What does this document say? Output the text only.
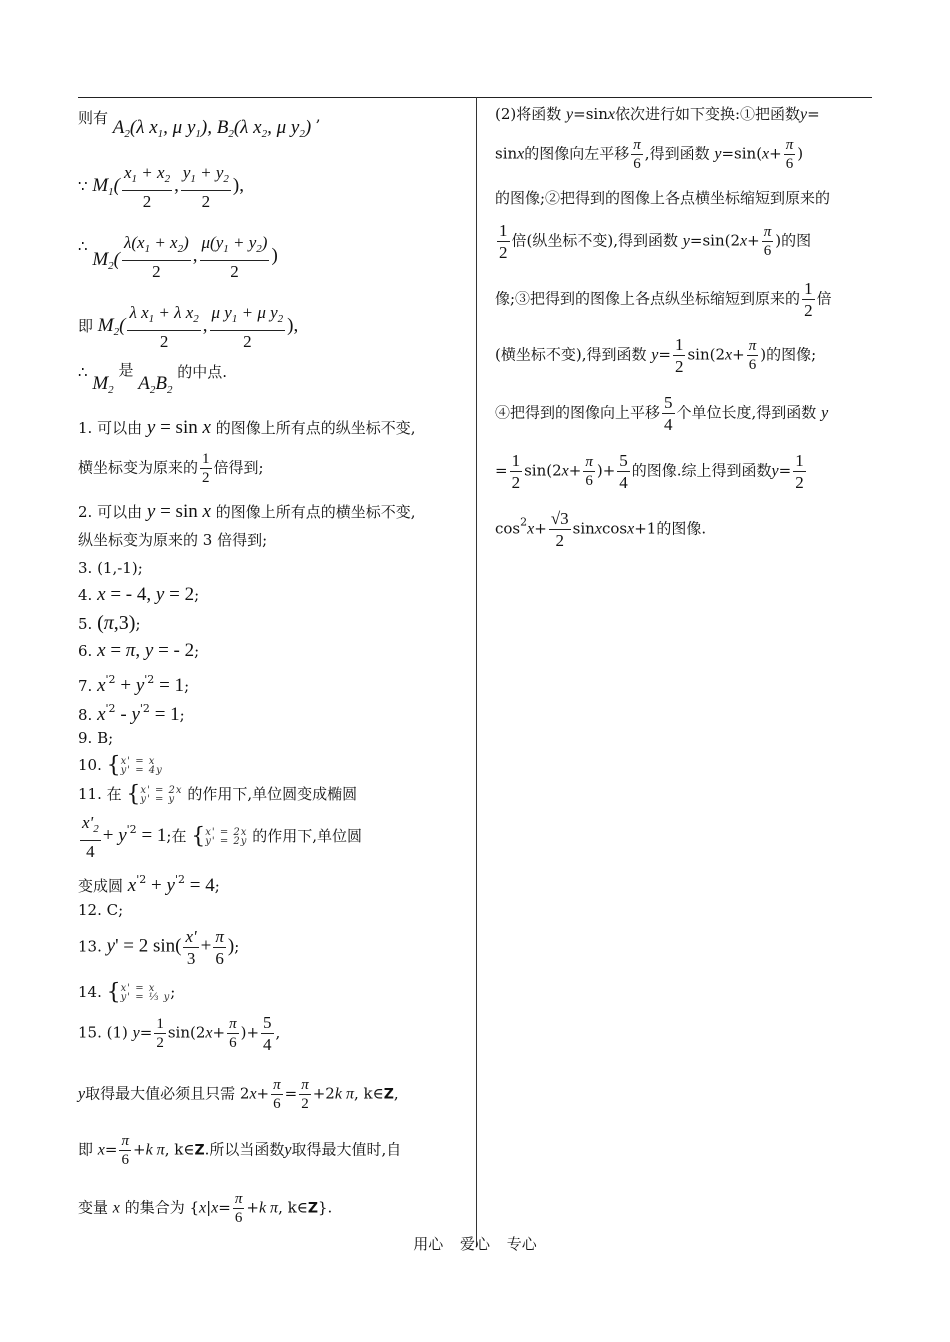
则有 $A_2(\lambda$ $x_1$, μ $y_1$), $B_2(\lambda$ $x_2$, μ $y_2$) ,
∵ $M_1( \frac{x_1 + x_2}{2}$ , $\frac{y_1 + y_2}{2}$ ),
∴ $M_2( \frac{\lambda(x_1 + x_2)}{2}$ , $\frac{\mu(y_1 + y_2)}{2}$ )
即 $M_2( \frac{\lambda x_1 + \lambda x_2}{2}$ , $\frac{\mu y_1 + \mu y_2}{2}$ ),
∴ $M_2$ 是 $A_2B_2$ 的中点.
1. 可以由 y = sin x 的图像上所有点的纵坐标不变,
横坐标变为原来的 $\frac{1}{2}$ 倍得到;
2. 可以由 y = sin x 的图像上所有点的横坐标不变,
纵坐标变为原来的 3 倍得到;
3. (1,-1);
4. x = - 4, y = 2;
5. (π,3);
6. x = π, y = - 2;
7. $x^{'2} + y^{'2} = 1$;
8. $x^{'2} - y^{'2} = 1$;
9. B;
10. {x' = x
y' = 4y
11. 在 {x' = 2x
y' = y 的作用下,单位圆变成椭圆
$\frac{x'_2}{4} + y^{'2} = 1$;在 {x' = 2x
y' = 2y 的作用下,单位圆
变成圆 $x^{'2} + y^{'2} = 4$;
12. C;
13. y' = 2 $\sin( \frac{x'}{3} + \frac{\pi}{6}$ );
14. {x' = x
y' = ⅓ y;
15. (1) $y= \frac{1}{2} \sin(2x+ \frac{\pi}{6}$ )+ $\frac{5}{4}$ ,
y取得最大值必须且只需 $2x+ \frac{\pi}{6} = \frac{\pi}{2} +2k$ π, k∈Z,
即 $x= \frac{\pi}{6} +k$ π, k∈Z.所以当函数y取得最大值时,自
变量 x 的集合为 {$x|x= \frac{\pi}{6} +k$ π, k∈Z}.
(2)将函数 y=sinx依次进行如下变换:①把函数y=
sinx的图像向左平移 $\frac{\pi}{6}$ ,得到函数 $y=\sin(x+ \frac{\pi}{6}$ )
的图像;②把得到的图像上各点横坐标缩短到原来的
$\frac{1}{2}$ 倍(纵坐标不变),得到函数 $y=\sin(2x+ \frac{\pi}{6}$ )的图
像;③把得到的图像上各点纵坐标缩短到原来的 $\frac{1}{2}$ 倍
(横坐标不变),得到函数 $y= \frac{1}{2} \sin(2x+ \frac{\pi}{6}$ )的图像;
④把得到的图像向上平移 $\frac{5}{4}$ 个单位长度,得到函数 y
= $\frac{1}{2} \sin(2x+ \frac{\pi}{6}$ )+ $\frac{5}{4}$ 的图像.综上得到函数$y= \frac{1}{2}$
$\cos^2x+ \frac{√3}{2}$ sinxcosx+1的图像.
用心 爱心 专心
